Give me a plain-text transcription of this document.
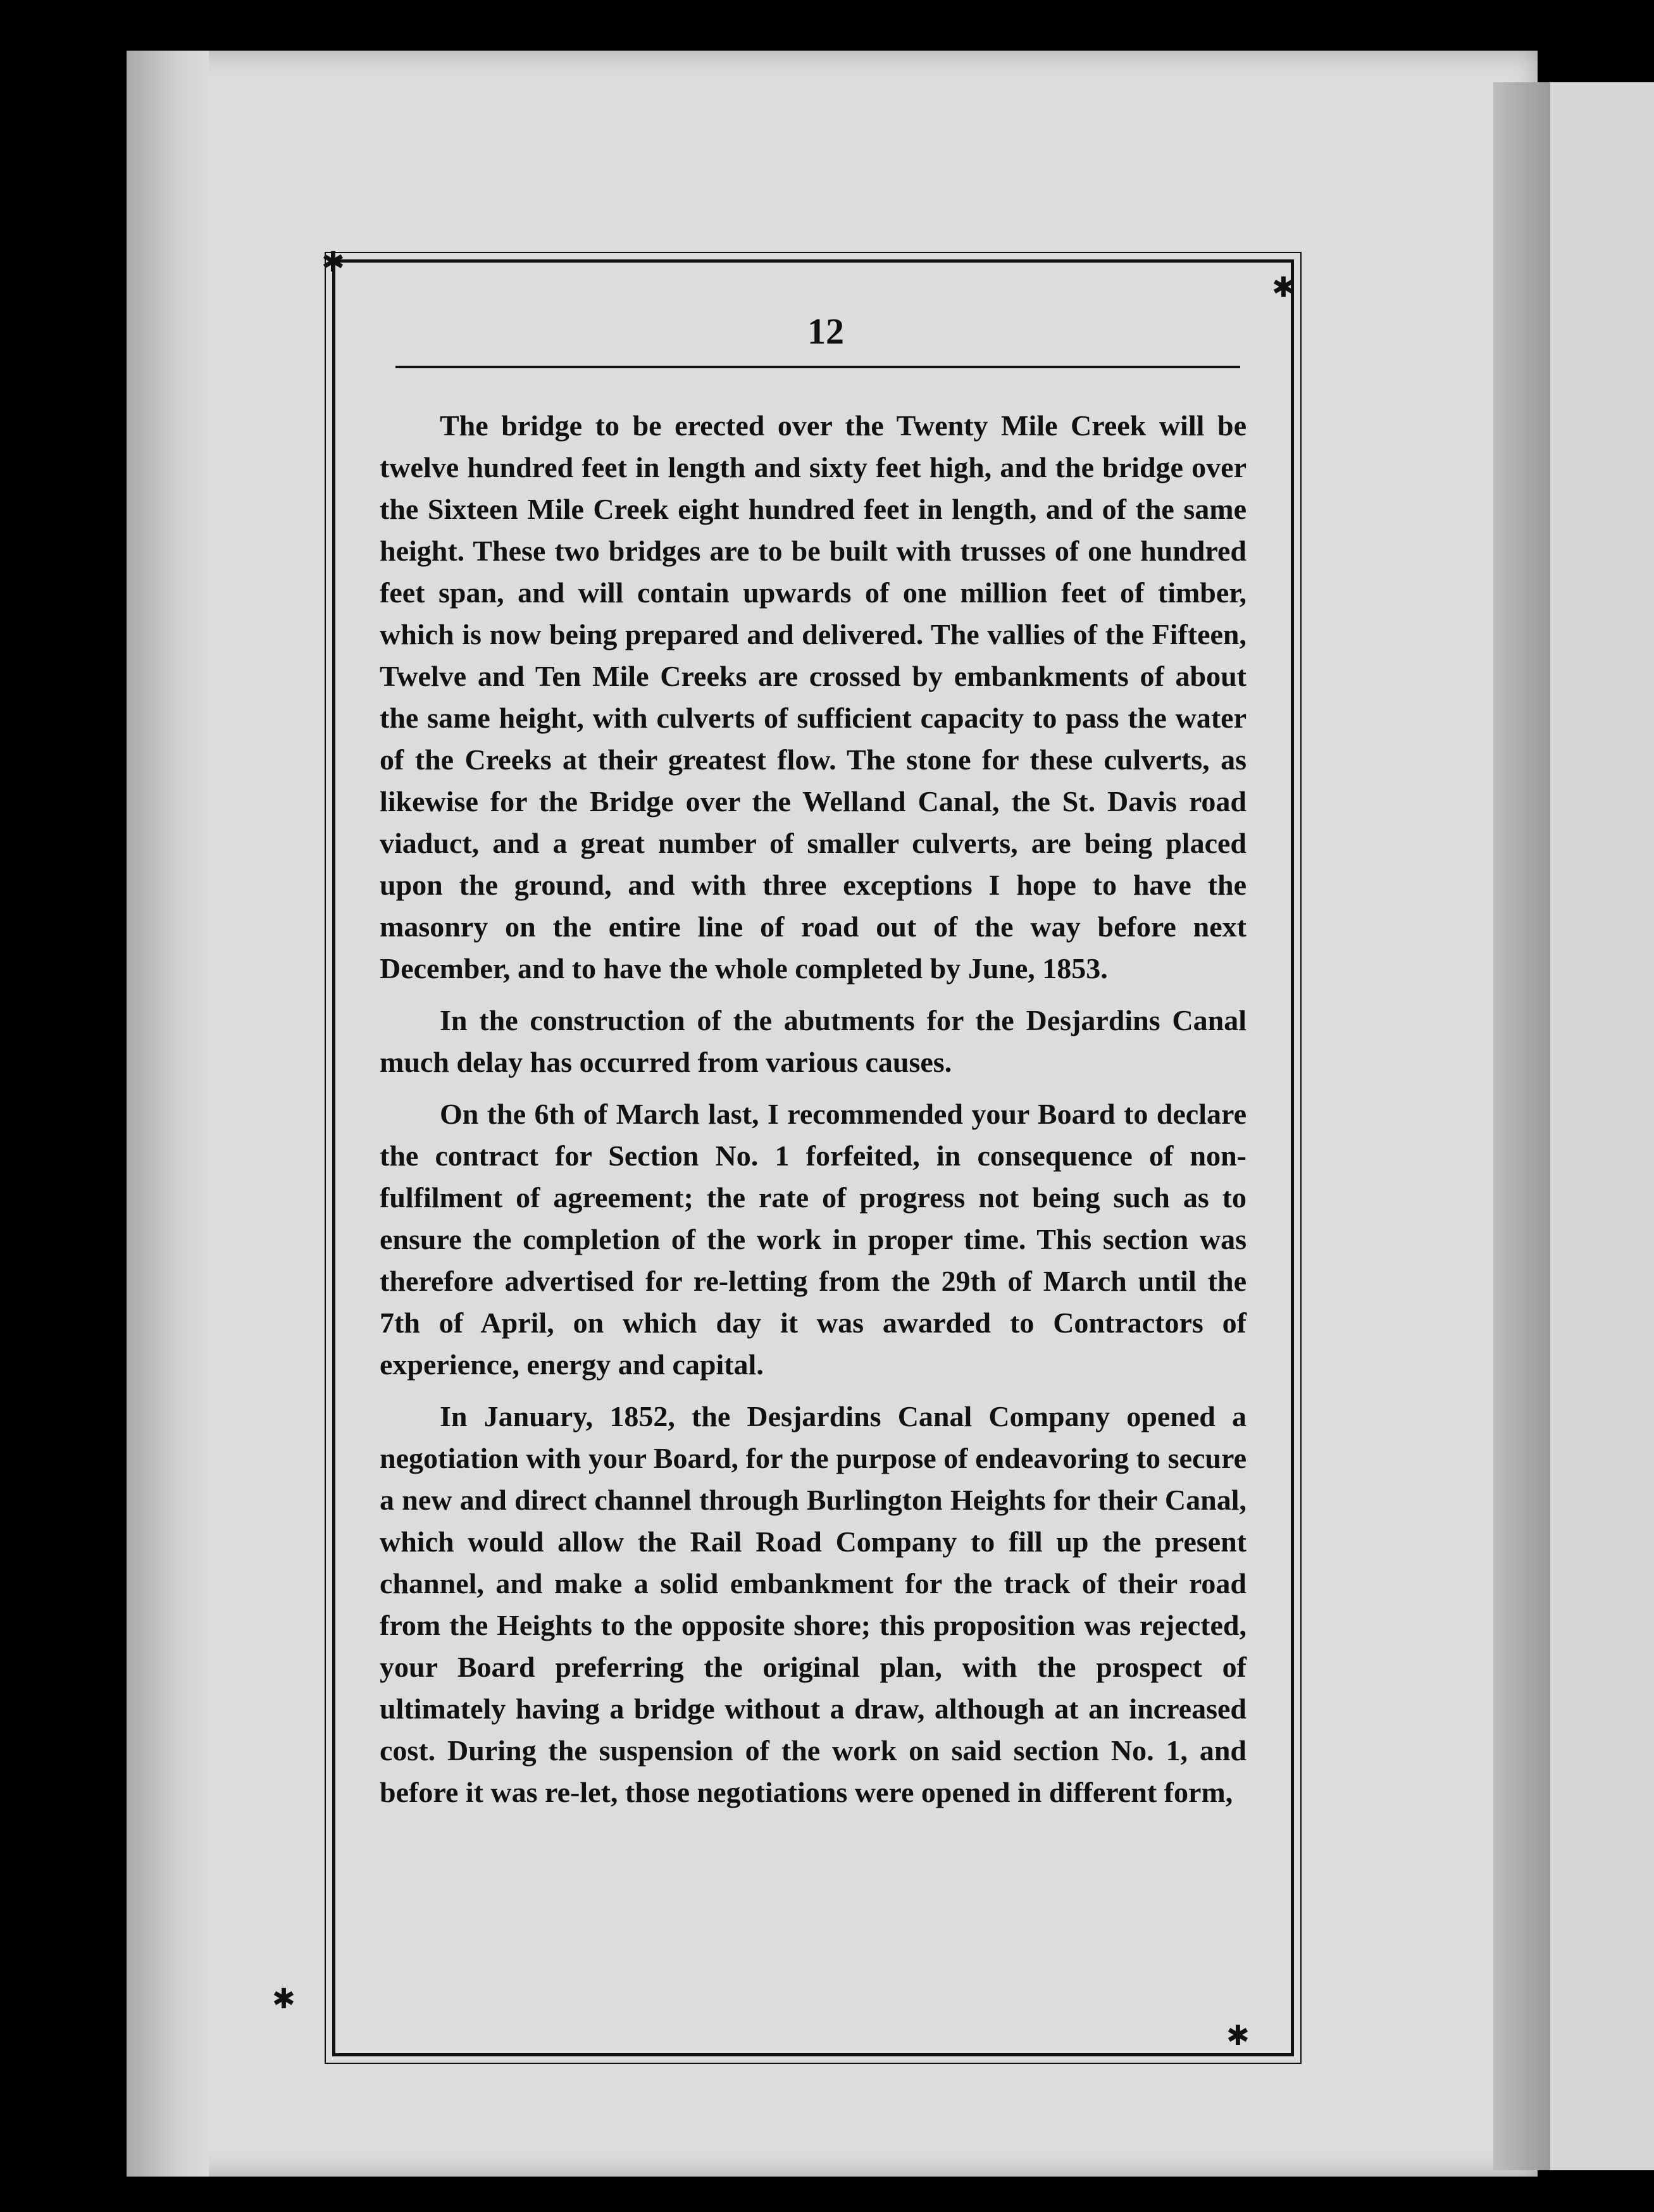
✱
✱
✱
✱
12

The bridge to be erected over the Twenty Mile Creek will be twelve hundred feet in length and sixty feet high, and the bridge over the Sixteen Mile Creek eight hundred feet in length, and of the same height. These two bridges are to be built with trusses of one hundred feet span, and will contain upwards of one million feet of timber, which is now being prepared and delivered. The vallies of the Fifteen, Twelve and Ten Mile Creeks are crossed by embankments of about the same height, with culverts of sufficient capacity to pass the water of the Creeks at their greatest flow. The stone for these culverts, as likewise for the Bridge over the Welland Canal, the St. Davis road viaduct, and a great number of smaller culverts, are being placed upon the ground, and with three exceptions I hope to have the masonry on the entire line of road out of the way before next December, and to have the whole completed by June, 1853.

In the construction of the abutments for the Desjardins Canal much delay has occurred from various causes.

On the 6th of March last, I recommended your Board to declare the contract for Section No. 1 forfeited, in consequence of non-fulfilment of agreement; the rate of progress not being such as to ensure the completion of the work in proper time. This section was therefore advertised for re-letting from the 29th of March until the 7th of April, on which day it was awarded to Contractors of experience, energy and capital.

In January, 1852, the Desjardins Canal Company opened a negotiation with your Board, for the purpose of endeavoring to secure a new and direct channel through Burlington Heights for their Canal, which would allow the Rail Road Company to fill up the present channel, and make a solid embankment for the track of their road from the Heights to the opposite shore; this proposition was rejected, your Board preferring the original plan, with the prospect of ultimately having a bridge without a draw, although at an increased cost. During the suspension of the work on said section No. 1, and before it was re-let, those negotiations were opened in different form,
